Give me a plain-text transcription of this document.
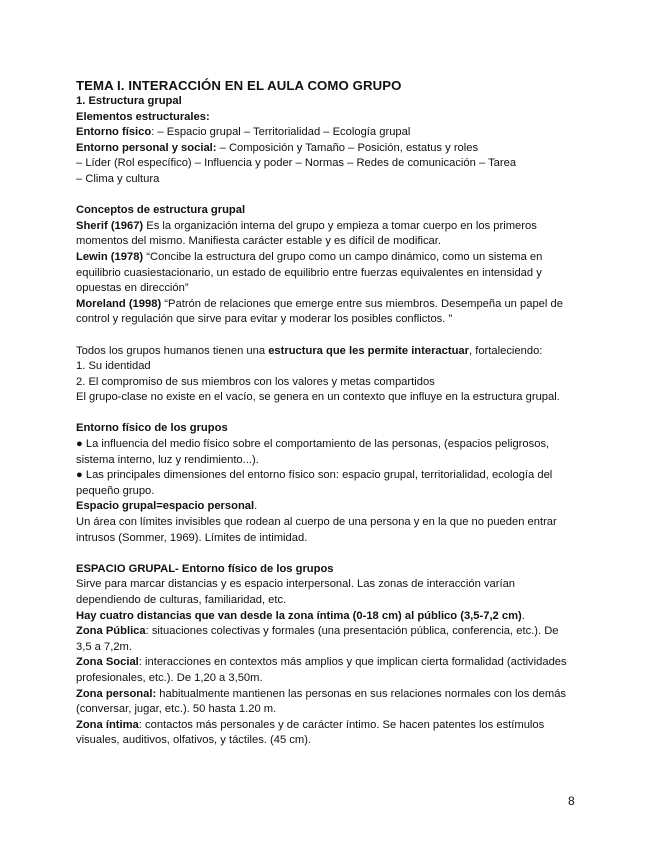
TEMA I. INTERACCIÓN EN EL AULA COMO GRUPO

1. Estructura grupal

Elementos estructurales:

Entorno físico: – Espacio grupal – Territorialidad – Ecología grupal

Entorno personal y social: – Composición y Tamaño – Posición, estatus y roles

– Líder (Rol específico) – Influencia y poder – Normas – Redes de comunicación – Tarea

– Clima y cultura

Conceptos de estructura grupal

Sherif (1967) Es la organización interna del grupo y empieza a tomar cuerpo en los primeros momentos del mismo. Manifiesta carácter estable y es difícil de modificar.

Lewin (1978) “Concibe la estructura del grupo como un campo dinámico, como un sistema en equilibrio cuasiestacionario, un estado de equilibrio entre fuerzas equivalentes en intensidad y opuestas en dirección”

Moreland (1998) “Patrón de relaciones que emerge entre sus miembros. Desempeña un papel de control y regulación que sirve para evitar y moderar los posibles conflictos. ”

Todos los grupos humanos tienen una estructura que les permite interactuar, fortaleciendo:

1. Su identidad

2. El compromiso de sus miembros con los valores y metas compartidos

El grupo-clase no existe en el vacío, se genera en un contexto que influye en la estructura grupal.

Entorno físico de los grupos

● La influencia del medio físico sobre el comportamiento de las personas, (espacios peligrosos, sistema interno, luz y rendimiento...).

● Las principales dimensiones del entorno físico son: espacio grupal, territorialidad, ecología del pequeño grupo.

Espacio grupal=espacio personal.

Un área con límites invisibles que rodean al cuerpo de una persona y en la que no pueden entrar intrusos (Sommer, 1969). Límites de intimidad.

ESPACIO GRUPAL- Entorno físico de los grupos

Sirve para marcar distancias y es espacio interpersonal. Las zonas de interacción varían dependiendo de culturas, familiaridad, etc.

Hay cuatro distancias que van desde la zona íntima (0-18 cm) al público (3,5-7,2 cm).

Zona Pública: situaciones colectivas y formales (una presentación pública, conferencia, etc.). De 3,5 a 7,2m.

Zona Social: interacciones en contextos más amplios y que implican cierta formalidad (actividades profesionales, etc.). De 1,20 a 3,50m.

Zona personal: habitualmente mantienen las personas en sus relaciones normales con los demás (conversar, jugar, etc.). 50 hasta 1.20 m.

Zona íntima: contactos más personales y de carácter íntimo. Se hacen patentes los estímulos visuales, auditivos, olfativos, y táctiles. (45 cm).

8
